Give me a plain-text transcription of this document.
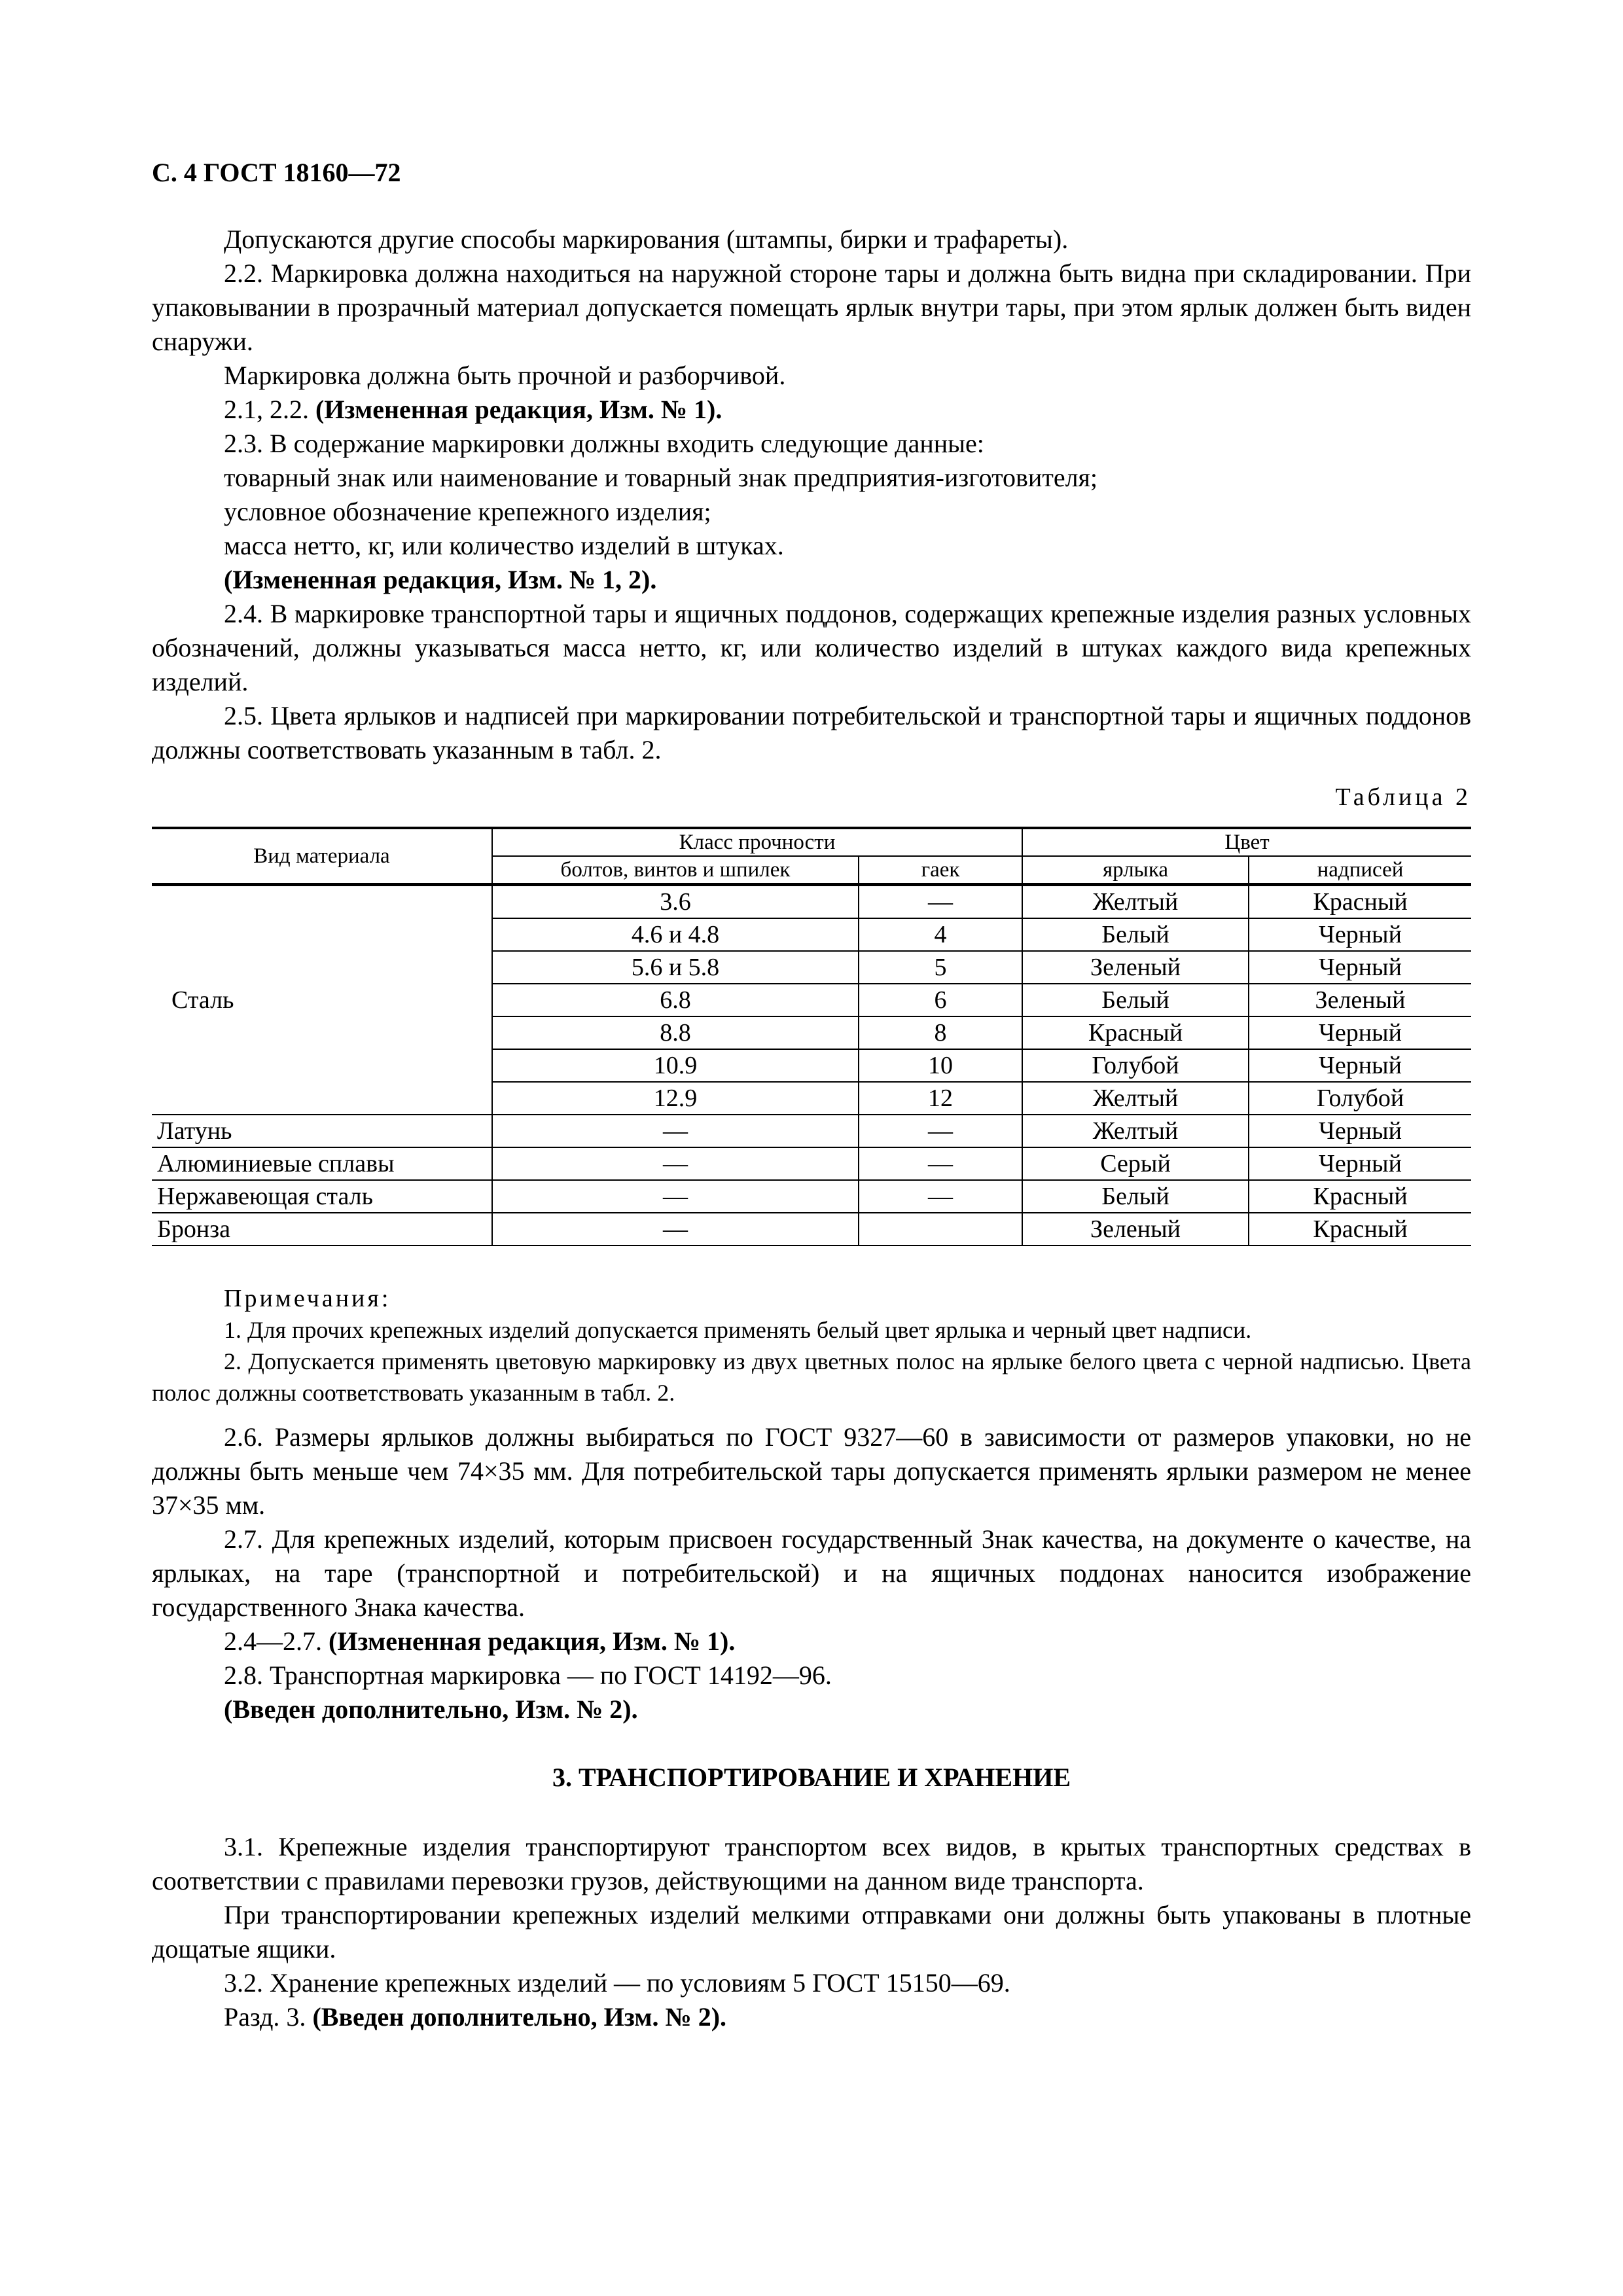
С. 4 ГОСТ 18160—72

Допускаются другие способы маркирования (штампы, бирки и трафареты).

2.2. Маркировка должна находиться на наружной стороне тары и должна быть видна при складировании. При упаковывании в прозрачный материал допускается помещать ярлык внутри тары, при этом ярлык должен быть виден снаружи.

Маркировка должна быть прочной и разборчивой.

2.1, 2.2. (Измененная редакция, Изм. № 1).

2.3. В содержание маркировки должны входить следующие данные:

товарный знак или наименование и товарный знак предприятия-изготовителя;

условное обозначение крепежного изделия;

масса нетто, кг, или количество изделий в штуках.

(Измененная редакция, Изм. № 1, 2).

2.4. В маркировке транспортной тары и ящичных поддонов, содержащих крепежные изделия разных условных обозначений, должны указываться масса нетто, кг, или количество изделий в штуках каждого вида крепежных изделий.

2.5. Цвета ярлыков и надписей при маркировании потребительской и транспортной тары и ящичных поддонов должны соответствовать указанным в табл. 2.

Таблица 2
Вид материала	Класс прочности		Цвет	
	болтов, винтов и шпилек	гаек	ярлыка	надписей
Сталь	3.6	—	Желтый	Красный
	4.6 и 4.8	4	Белый	Черный
	5.6 и 5.8	5	Зеленый	Черный
	6.8	6	Белый	Зеленый
	8.8	8	Красный	Черный
	10.9	10	Голубой	Черный
	12.9	12	Желтый	Голубой
Латунь	—	—	Желтый	Черный
Алюминиевые сплавы	—	—	Серый	Черный
Нержавеющая сталь	—	—	Белый	Красный
Бронза	—		Зеленый	Красный

Примечания:

1. Для прочих крепежных изделий допускается применять белый цвет ярлыка и черный цвет надписи.

2. Допускается применять цветовую маркировку из двух цветных полос на ярлыке белого цвета с черной надписью. Цвета полос должны соответствовать указанным в табл. 2.

2.6. Размеры ярлыков должны выбираться по ГОСТ 9327—60 в зависимости от размеров упаковки, но не должны быть меньше чем 74×35 мм. Для потребительской тары допускается применять ярлыки размером не менее 37×35 мм.

2.7. Для крепежных изделий, которым присвоен государственный Знак качества, на документе о качестве, на ярлыках, на таре (транспортной и потребительской) и на ящичных поддонах наносится изображение государственного Знака качества.

2.4—2.7. (Измененная редакция, Изм. № 1).

2.8. Транспортная маркировка — по ГОСТ 14192—96.

(Введен дополнительно, Изм. № 2).

3. ТРАНСПОРТИРОВАНИЕ И ХРАНЕНИЕ

3.1. Крепежные изделия транспортируют транспортом всех видов, в крытых транспортных средствах в соответствии с правилами перевозки грузов, действующими на данном виде транспорта.

При транспортировании крепежных изделий мелкими отправками они должны быть упакованы в плотные дощатые ящики.

3.2. Хранение крепежных изделий — по условиям 5 ГОСТ 15150—69.

Разд. 3. (Введен дополнительно, Изм. № 2).
